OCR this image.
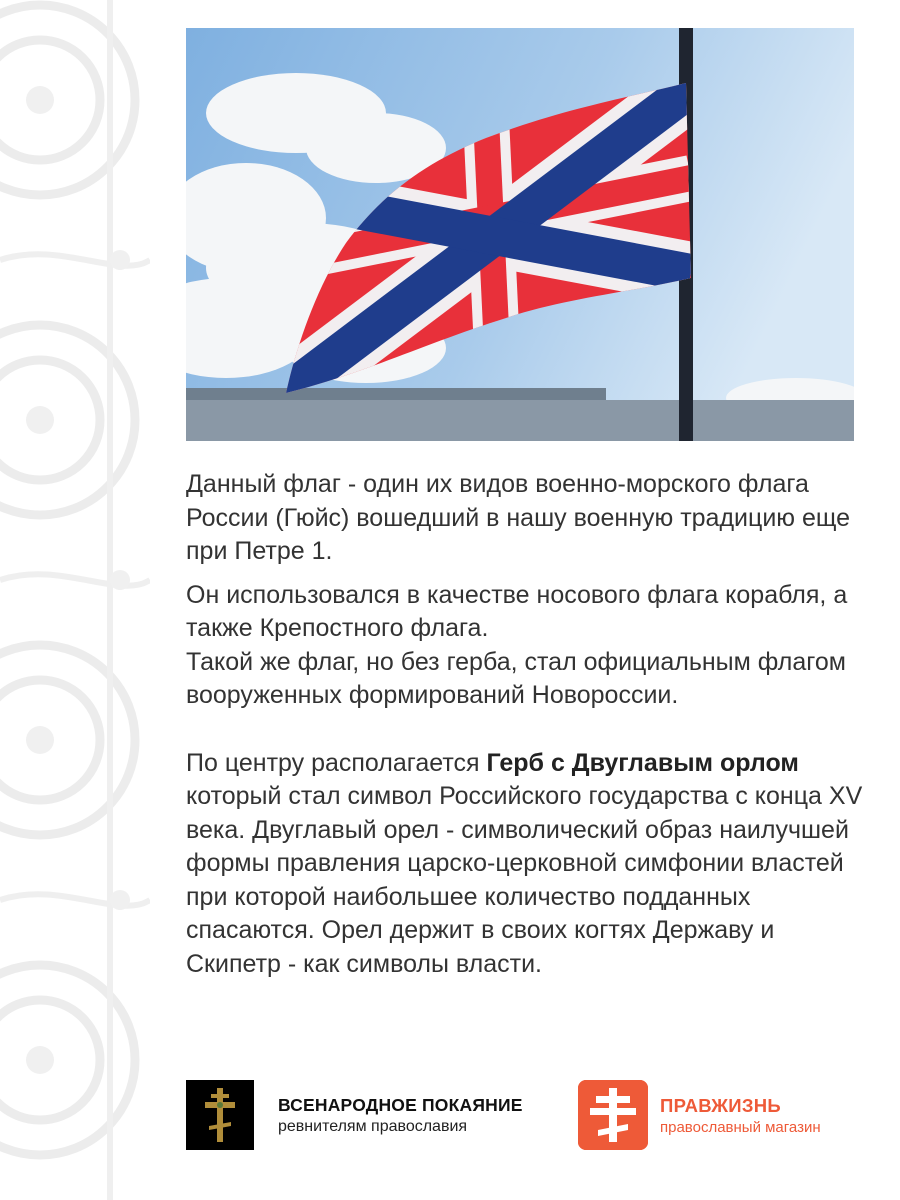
Данный флаг - один их видов военно-морского флага России (Гюйс) вошедший в нашу военную традицию еще при Петре 1.

Он использовался в качестве носового флага корабля, а также Крепостного флага.
Такой же флаг, но без герба, стал официальным флагом вооруженных формирований Новороссии.

По центру располагается Герб с Двуглавым орлом который стал символ Российского государства с конца XV века. Двуглавый орел - символический образ наилучшей формы правления царско-церковной симфонии властей при которой наибольшее количество подданных спасаются. Орел держит в своих когтях Державу и Скипетр - как символы власти.

ВСЕНАРОДНОЕ ПОКАЯНИЕ
ревнителям православия
ПРАВЖИЗНЬ
православный магазин
